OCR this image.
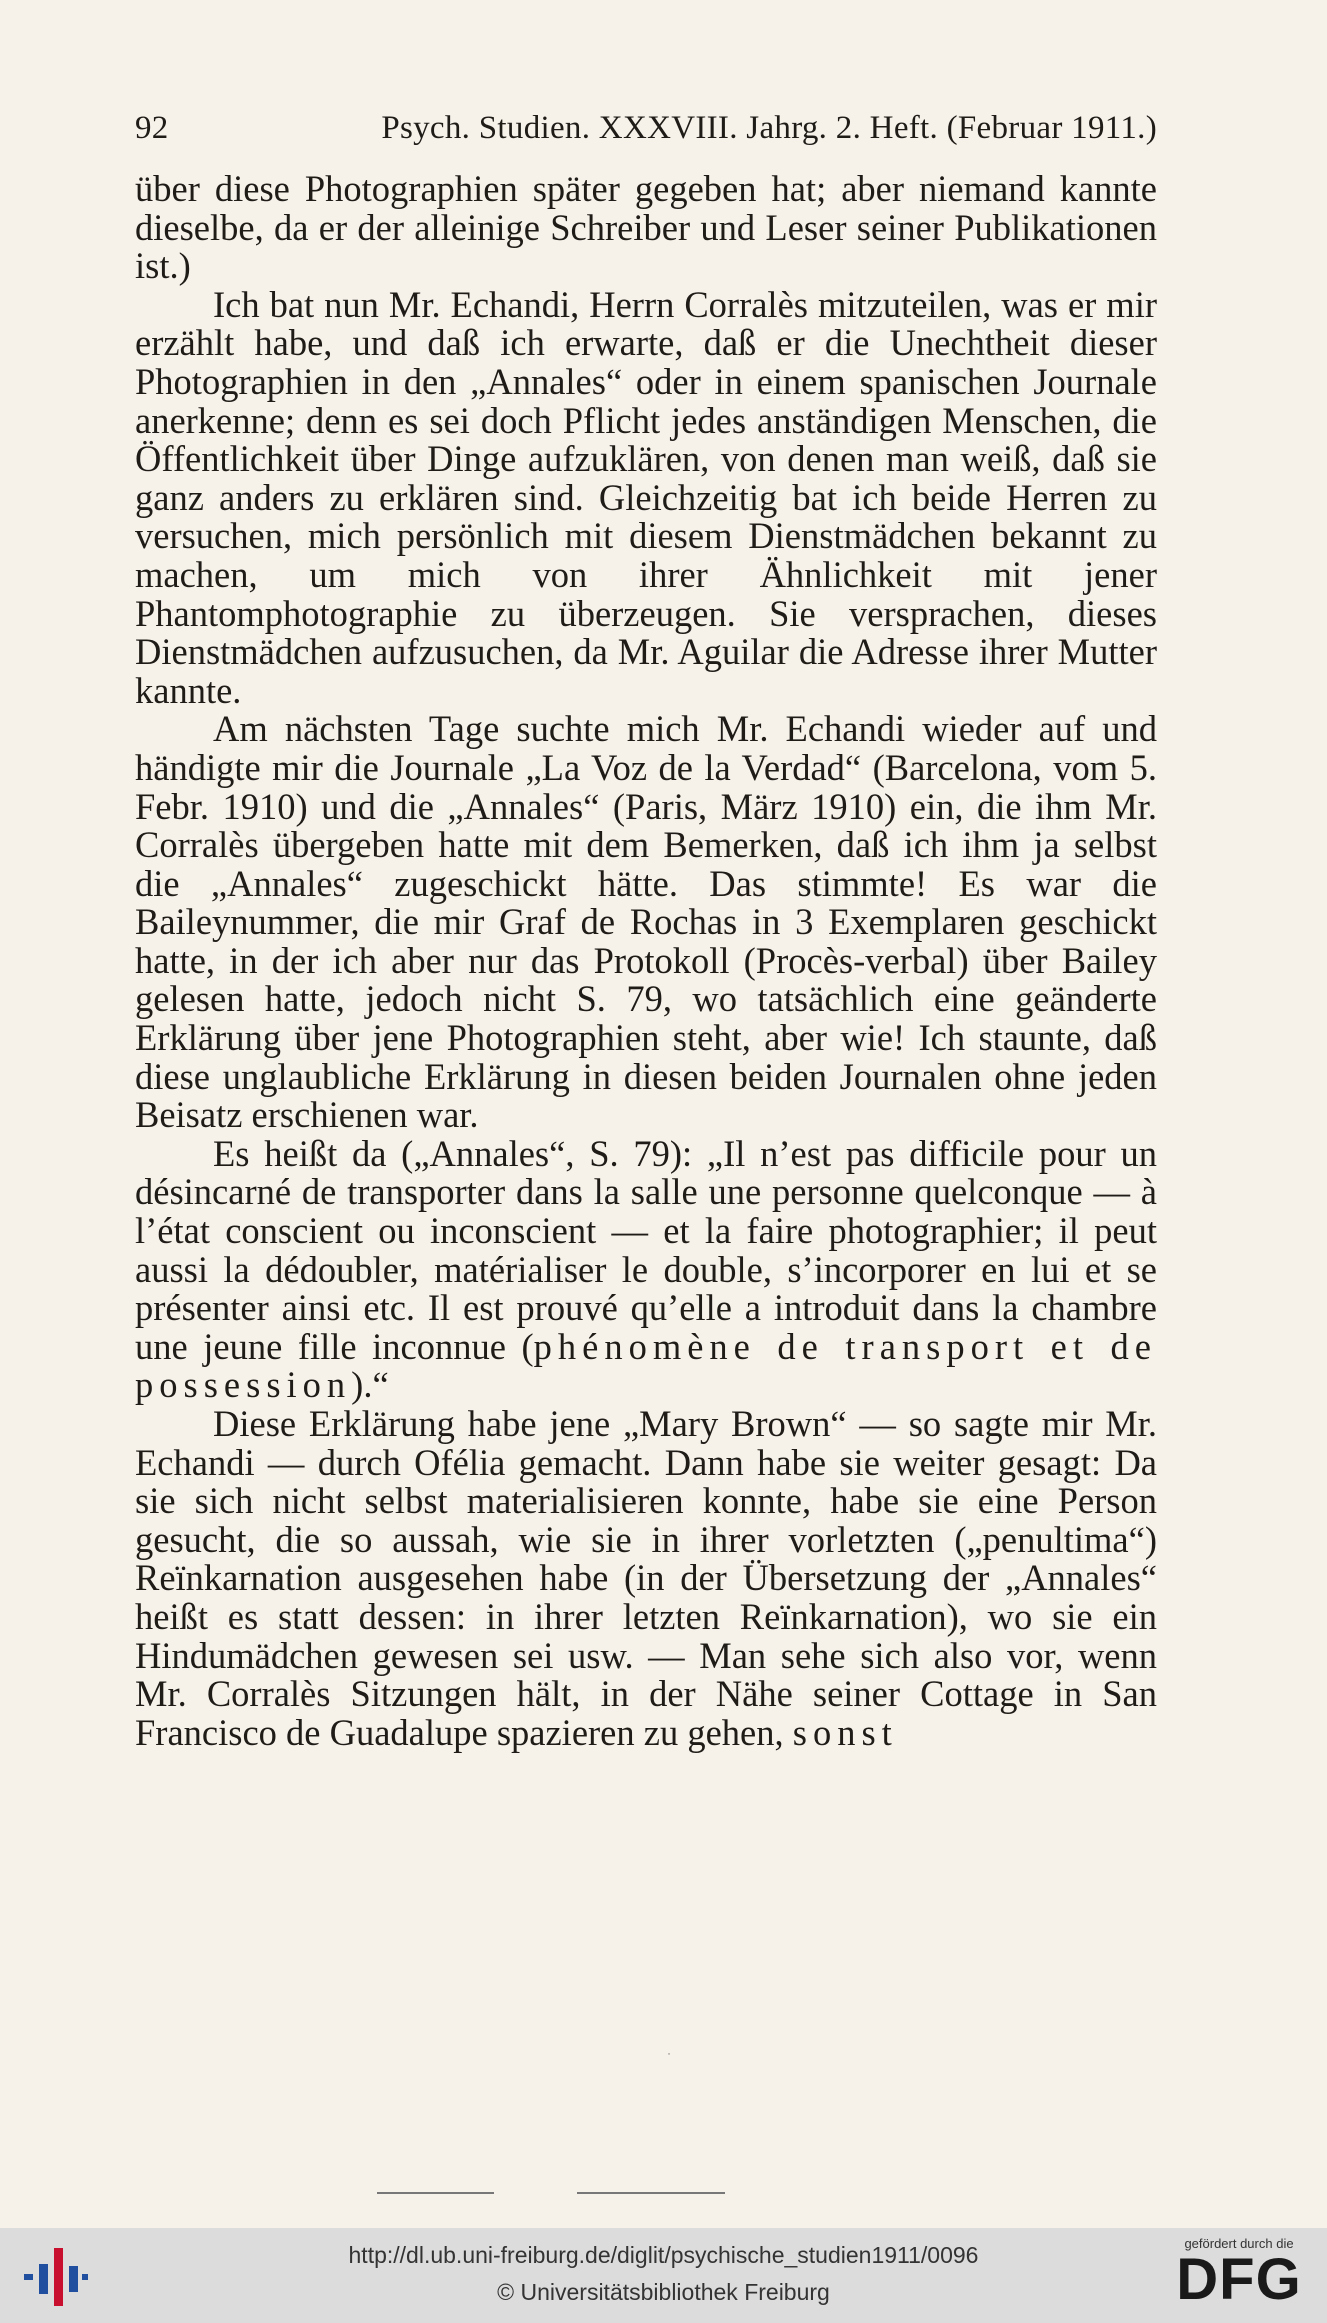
92	Psych. Studien. XXXVIII. Jahrg. 2. Heft. (Februar 1911.)

über diese Photographien später gegeben hat; aber niemand kannte dieselbe, da er der alleinige Schreiber und Leser seiner Publikationen ist.)

Ich bat nun Mr. Echandi, Herrn Corralès mitzuteilen, was er mir erzählt habe, und daß ich erwarte, daß er die Unechtheit dieser Photographien in den „Annales“ oder in einem spanischen Journale anerkenne; denn es sei doch Pflicht jedes anständigen Menschen, die Öffentlichkeit über Dinge aufzuklären, von denen man weiß, daß sie ganz anders zu erklären sind. Gleichzeitig bat ich beide Herren zu versuchen, mich persönlich mit diesem Dienstmädchen bekannt zu machen, um mich von ihrer Ähnlichkeit mit jener Phantomphotographie zu überzeugen. Sie versprachen, dieses Dienstmädchen aufzusuchen, da Mr. Aguilar die Adresse ihrer Mutter kannte.

Am nächsten Tage suchte mich Mr. Echandi wieder auf und händigte mir die Journale „La Voz de la Verdad“ (Barcelona, vom 5. Febr. 1910) und die „Annales“ (Paris, März 1910) ein, die ihm Mr. Corralès übergeben hatte mit dem Bemerken, daß ich ihm ja selbst die „Annales“ zugeschickt hätte. Das stimmte! Es war die Baileynummer, die mir Graf de Rochas in 3 Exemplaren geschickt hatte, in der ich aber nur das Protokoll (Procès-verbal) über Bailey gelesen hatte, jedoch nicht S. 79, wo tatsächlich eine geänderte Erklärung über jene Photographien steht, aber wie! Ich staunte, daß diese unglaubliche Erklärung in diesen beiden Journalen ohne jeden Beisatz erschienen war.

Es heißt da („Annales“, S. 79): „Il n’est pas difficile pour un désincarné de transporter dans la salle une personne quelconque — à l’état conscient ou inconscient — et la faire photographier; il peut aussi la dédoubler, matérialiser le double, s’incorporer en lui et se présenter ainsi etc. Il est prouvé qu’elle a introduit dans la chambre une jeune fille inconnue (phénomène de transport et de possession).“

Diese Erklärung habe jene „Mary Brown“ — so sagte mir Mr. Echandi — durch Ofélia gemacht. Dann habe sie weiter gesagt: Da sie sich nicht selbst materialisieren konnte, habe sie eine Person gesucht, die so aussah, wie sie in ihrer vorletzten („penultima“) Reïnkarnation ausgesehen habe (in der Übersetzung der „Annales“ heißt es statt dessen: in ihrer letzten Reïnkarnation), wo sie ein Hindumädchen gewesen sei usw. — Man sehe sich also vor, wenn Mr. Corralès Sitzungen hält, in der Nähe seiner Cottage in San Francisco de Guadalupe spazieren zu gehen, sonst

˙
http://dl.ub.uni-freiburg.de/diglit/psychische_studien1911/0096
© Universitätsbibliothek Freiburg
gefördert durch die
DFG
